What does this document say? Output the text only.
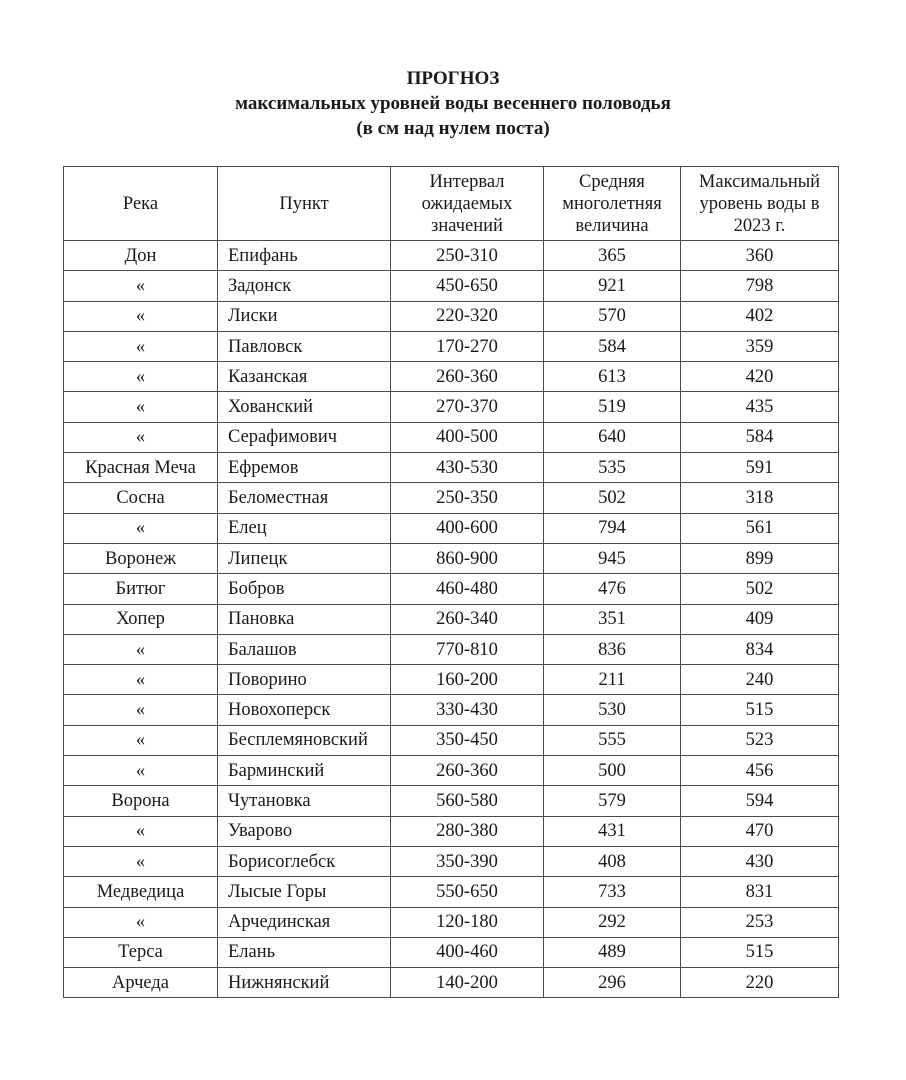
ПРОГНОЗ
максимальных уровней воды весеннего половодья
(в см над нулем поста)
Река	Пункт	Интервал ожидаемых значений	Средняя многолетняя величина	Максимальный уровень воды в 2023 г.
Дон	Епифань	250-310	365	360
«	Задонск	450-650	921	798
«	Лиски	220-320	570	402
«	Павловск	170-270	584	359
«	Казанская	260-360	613	420
«	Хованский	270-370	519	435
«	Серафимович	400-500	640	584
Красная Меча	Ефремов	430-530	535	591
Сосна	Беломестная	250-350	502	318
«	Елец	400-600	794	561
Воронеж	Липецк	860-900	945	899
Битюг	Бобров	460-480	476	502
Хопер	Пановка	260-340	351	409
«	Балашов	770-810	836	834
«	Поворино	160-200	211	240
«	Новохоперск	330-430	530	515
«	Бесплемяновский	350-450	555	523
«	Барминский	260-360	500	456
Ворона	Чутановка	560-580	579	594
«	Уварово	280-380	431	470
«	Борисоглебск	350-390	408	430
Медведица	Лысые Горы	550-650	733	831
«	Арчединская	120-180	292	253
Терса	Елань	400-460	489	515
Арчеда	Нижнянский	140-200	296	220
